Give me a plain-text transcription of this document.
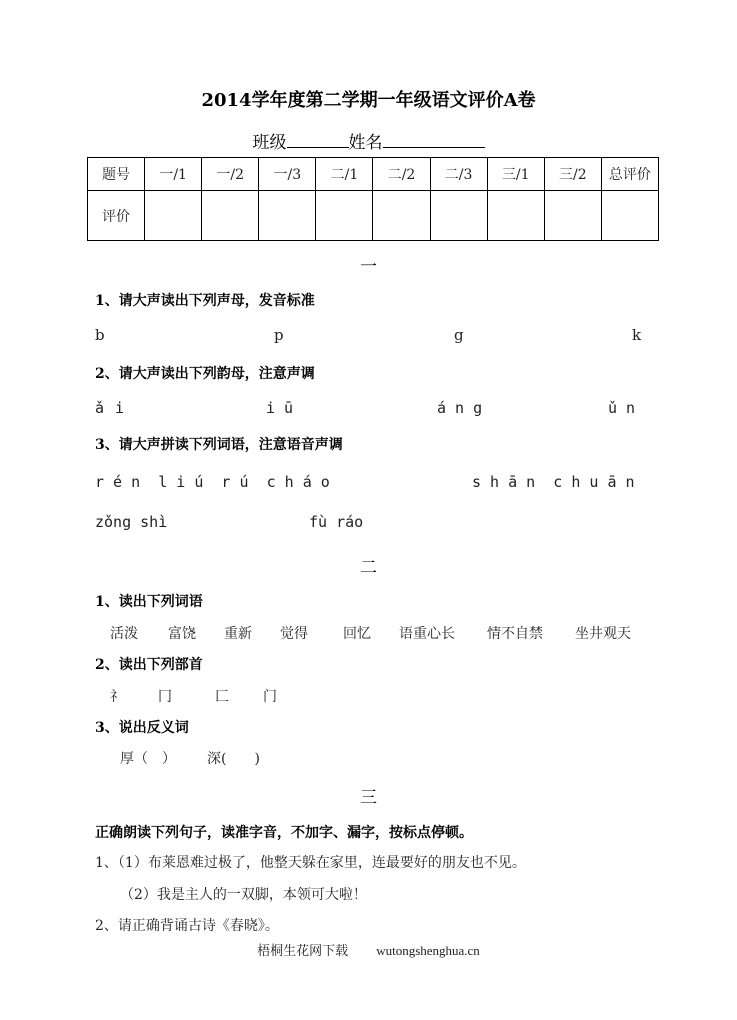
2014学年度第二学期一年级语文评价A卷
班级	姓名
题号	一/1	一/2	一/3	二/1	二/2	二/3	三/1	三/2	总评价
评价									
一
1、请大声读出下列声母，发音标准
b	p	g	k
2、请大声读出下列韵母，注意声调
ǎ i	i ū	á n g	ǔ n
3、请大声拼读下列词语，注意语音声调
r é n  l i ú  r ú  c h á o	s h ā n  c h u ā n
zǒng shì	fù ráo
二
1、读出下列词语
活泼 富饶 重新 觉得	回忆 语重心长 情不自禁 坐井观天
2、读出下列部首
礻 冂	匚 门
3、说出反义词
厚（　） 深(　　)
三
正确朗读下列句子，读准字音，不加字、漏字，按标点停顿。
1、（1）布莱恩难过极了，他整天躲在家里，连最要好的朋友也不见。
（2）我是主人的一双脚，本领可大啦！
2、请正确背诵古诗《春晓》。
梧桐生花网下载 wutongshenghua.cn
